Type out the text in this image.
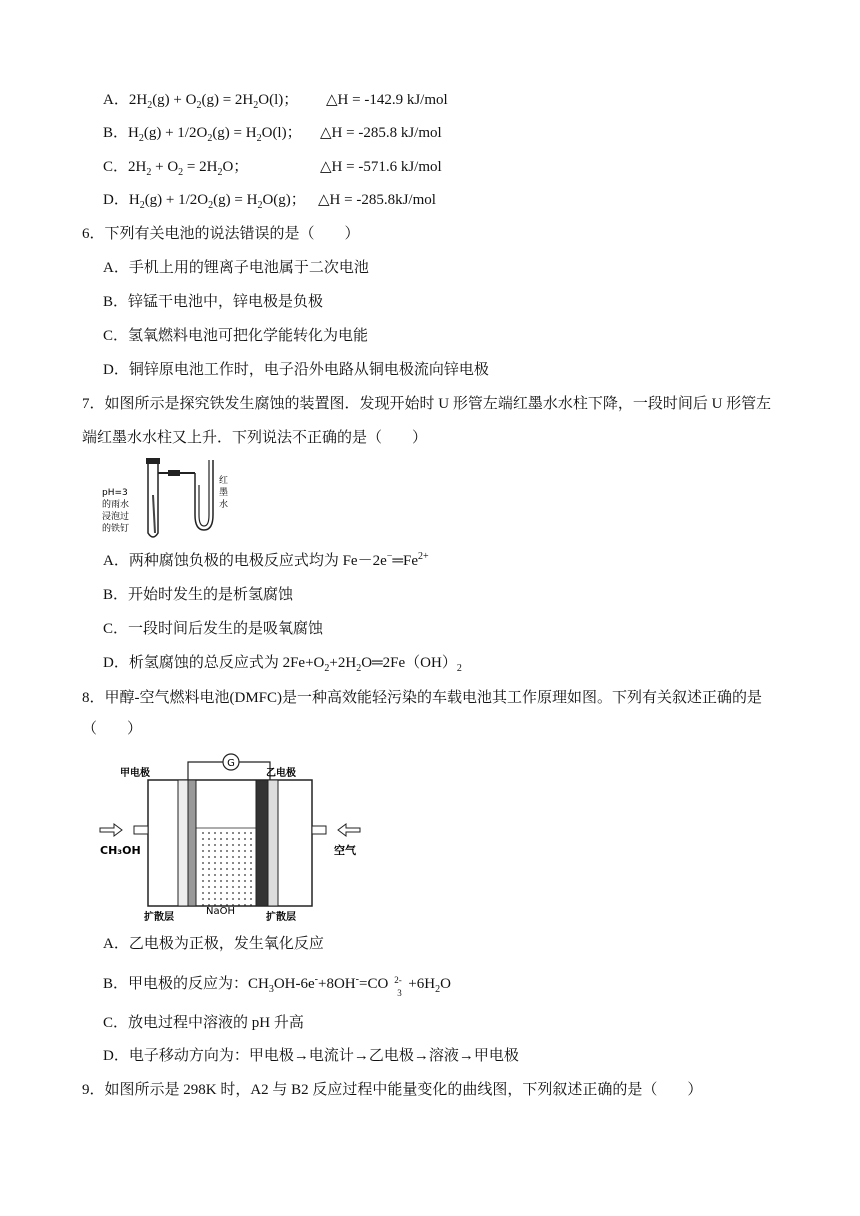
A．$2H_2(g) + O_2(g) = 2H_2O(l)$； △H = -142.9 kJ/mol
B．$H_2(g) + 1/2O_2(g) = H_2O(l)$； △H = -285.8 kJ/mol
C．$2H_2 + O_2 = 2H_2O$；	△H = -571.6 kJ/mol
D．$H_2(g) + 1/2O_2(g) = H_2O(g)$； △H = -285.8kJ/mol
6．下列有关电池的说法错误的是（　　）
A．手机上用的锂离子电池属于二次电池
B．锌锰干电池中，锌电极是负极
C．氢氧燃料电池可把化学能转化为电能
D．铜锌原电池工作时，电子沿外电路从铜电极流向锌电极
7．如图所示是探究铁发生腐蚀的装置图．发现开始时 U 形管左端红墨水水柱下降，一段时间后 U 形管左
端红墨水水柱又上升．下列说法不正确的是（　　）
pH=3
的雨水
浸泡过
的铁钉
红
墨
水
A．两种腐蚀负极的电极反应式均为 $Fe-2e^-═Fe^{2+}$
B．开始时发生的是析氢腐蚀
C．一段时间后发生的是吸氧腐蚀
D．析氢腐蚀的总反应式为 $2Fe+O_2+2H_2O═2Fe(OH)_2$
8．甲醇-空气燃料电池(DMFC)是一种高效能轻污染的车载电池其工作原理如图。下列有关叙述正确的是
（　　）
G
甲电极	乙电极
CH₃OH	空气
扩散层
NaOH
扩散层
A．乙电极为正极，发生氧化反应
B．甲电极的反应为：$CH_3OH-6e^-+8OH^-=CO$ 2-
3
$+6H_2O$
C．放电过程中溶液的 pH 升高
D．电子移动方向为：甲电极→电流计→乙电极→溶液→甲电极
9．如图所示是 298K 时，A2 与 B2 反应过程中能量变化的曲线图，下列叙述正确的是（　　）
